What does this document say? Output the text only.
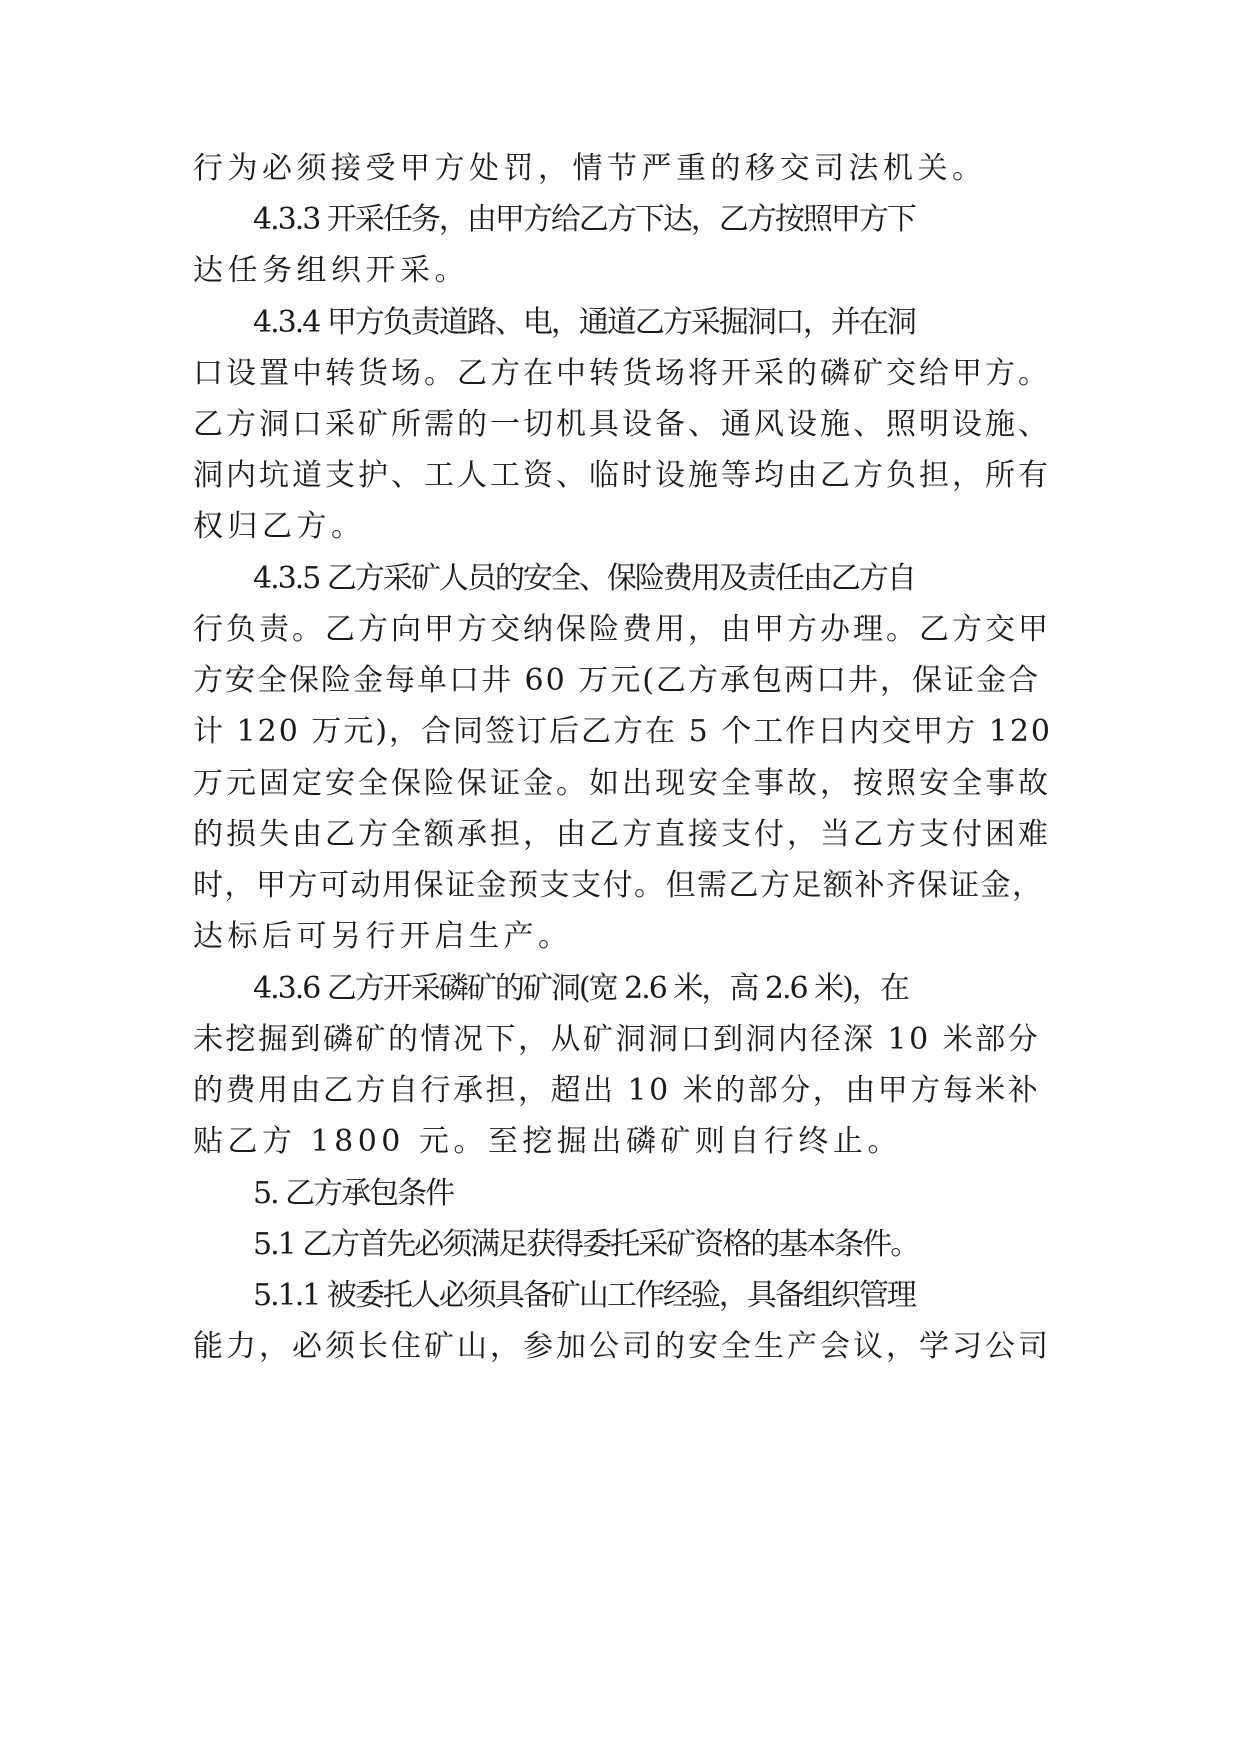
行为必须接受甲方处罚，情节严重的移交司法机关。
4.3.3 开采任务，由甲方给乙方下达，乙方按照甲方下
达任务组织开采。
4.3.4 甲方负责道路、电，通道乙方采掘洞口，并在洞
口设置中转货场。乙方在中转货场将开采的磷矿交给甲方。
乙方洞口采矿所需的一切机具设备、通风设施、照明设施、
洞内坑道支护、工人工资、临时设施等均由乙方负担，所有
权归乙方。
4.3.5 乙方采矿人员的安全、保险费用及责任由乙方自
行负责。乙方向甲方交纳保险费用，由甲方办理。乙方交甲
方安全保险金每单口井 60 万元(乙方承包两口井，保证金合
计 120 万元)，合同签订后乙方在 5 个工作日内交甲方 120
万元固定安全保险保证金。如出现安全事故，按照安全事故
的损失由乙方全额承担，由乙方直接支付，当乙方支付困难
时，甲方可动用保证金预支支付。但需乙方足额补齐保证金，
达标后可另行开启生产。
4.3.6 乙方开采磷矿的矿洞(宽 2.6 米，高 2.6 米)，在
未挖掘到磷矿的情况下，从矿洞洞口到洞内径深 10 米部分
的费用由乙方自行承担，超出 10 米的部分，由甲方每米补
贴乙方 1800 元。至挖掘出磷矿则自行终止。
5. 乙方承包条件
5.1 乙方首先必须满足获得委托采矿资格的基本条件。
5.1.1 被委托人必须具备矿山工作经验，具备组织管理
能力，必须长住矿山，参加公司的安全生产会议，学习公司
